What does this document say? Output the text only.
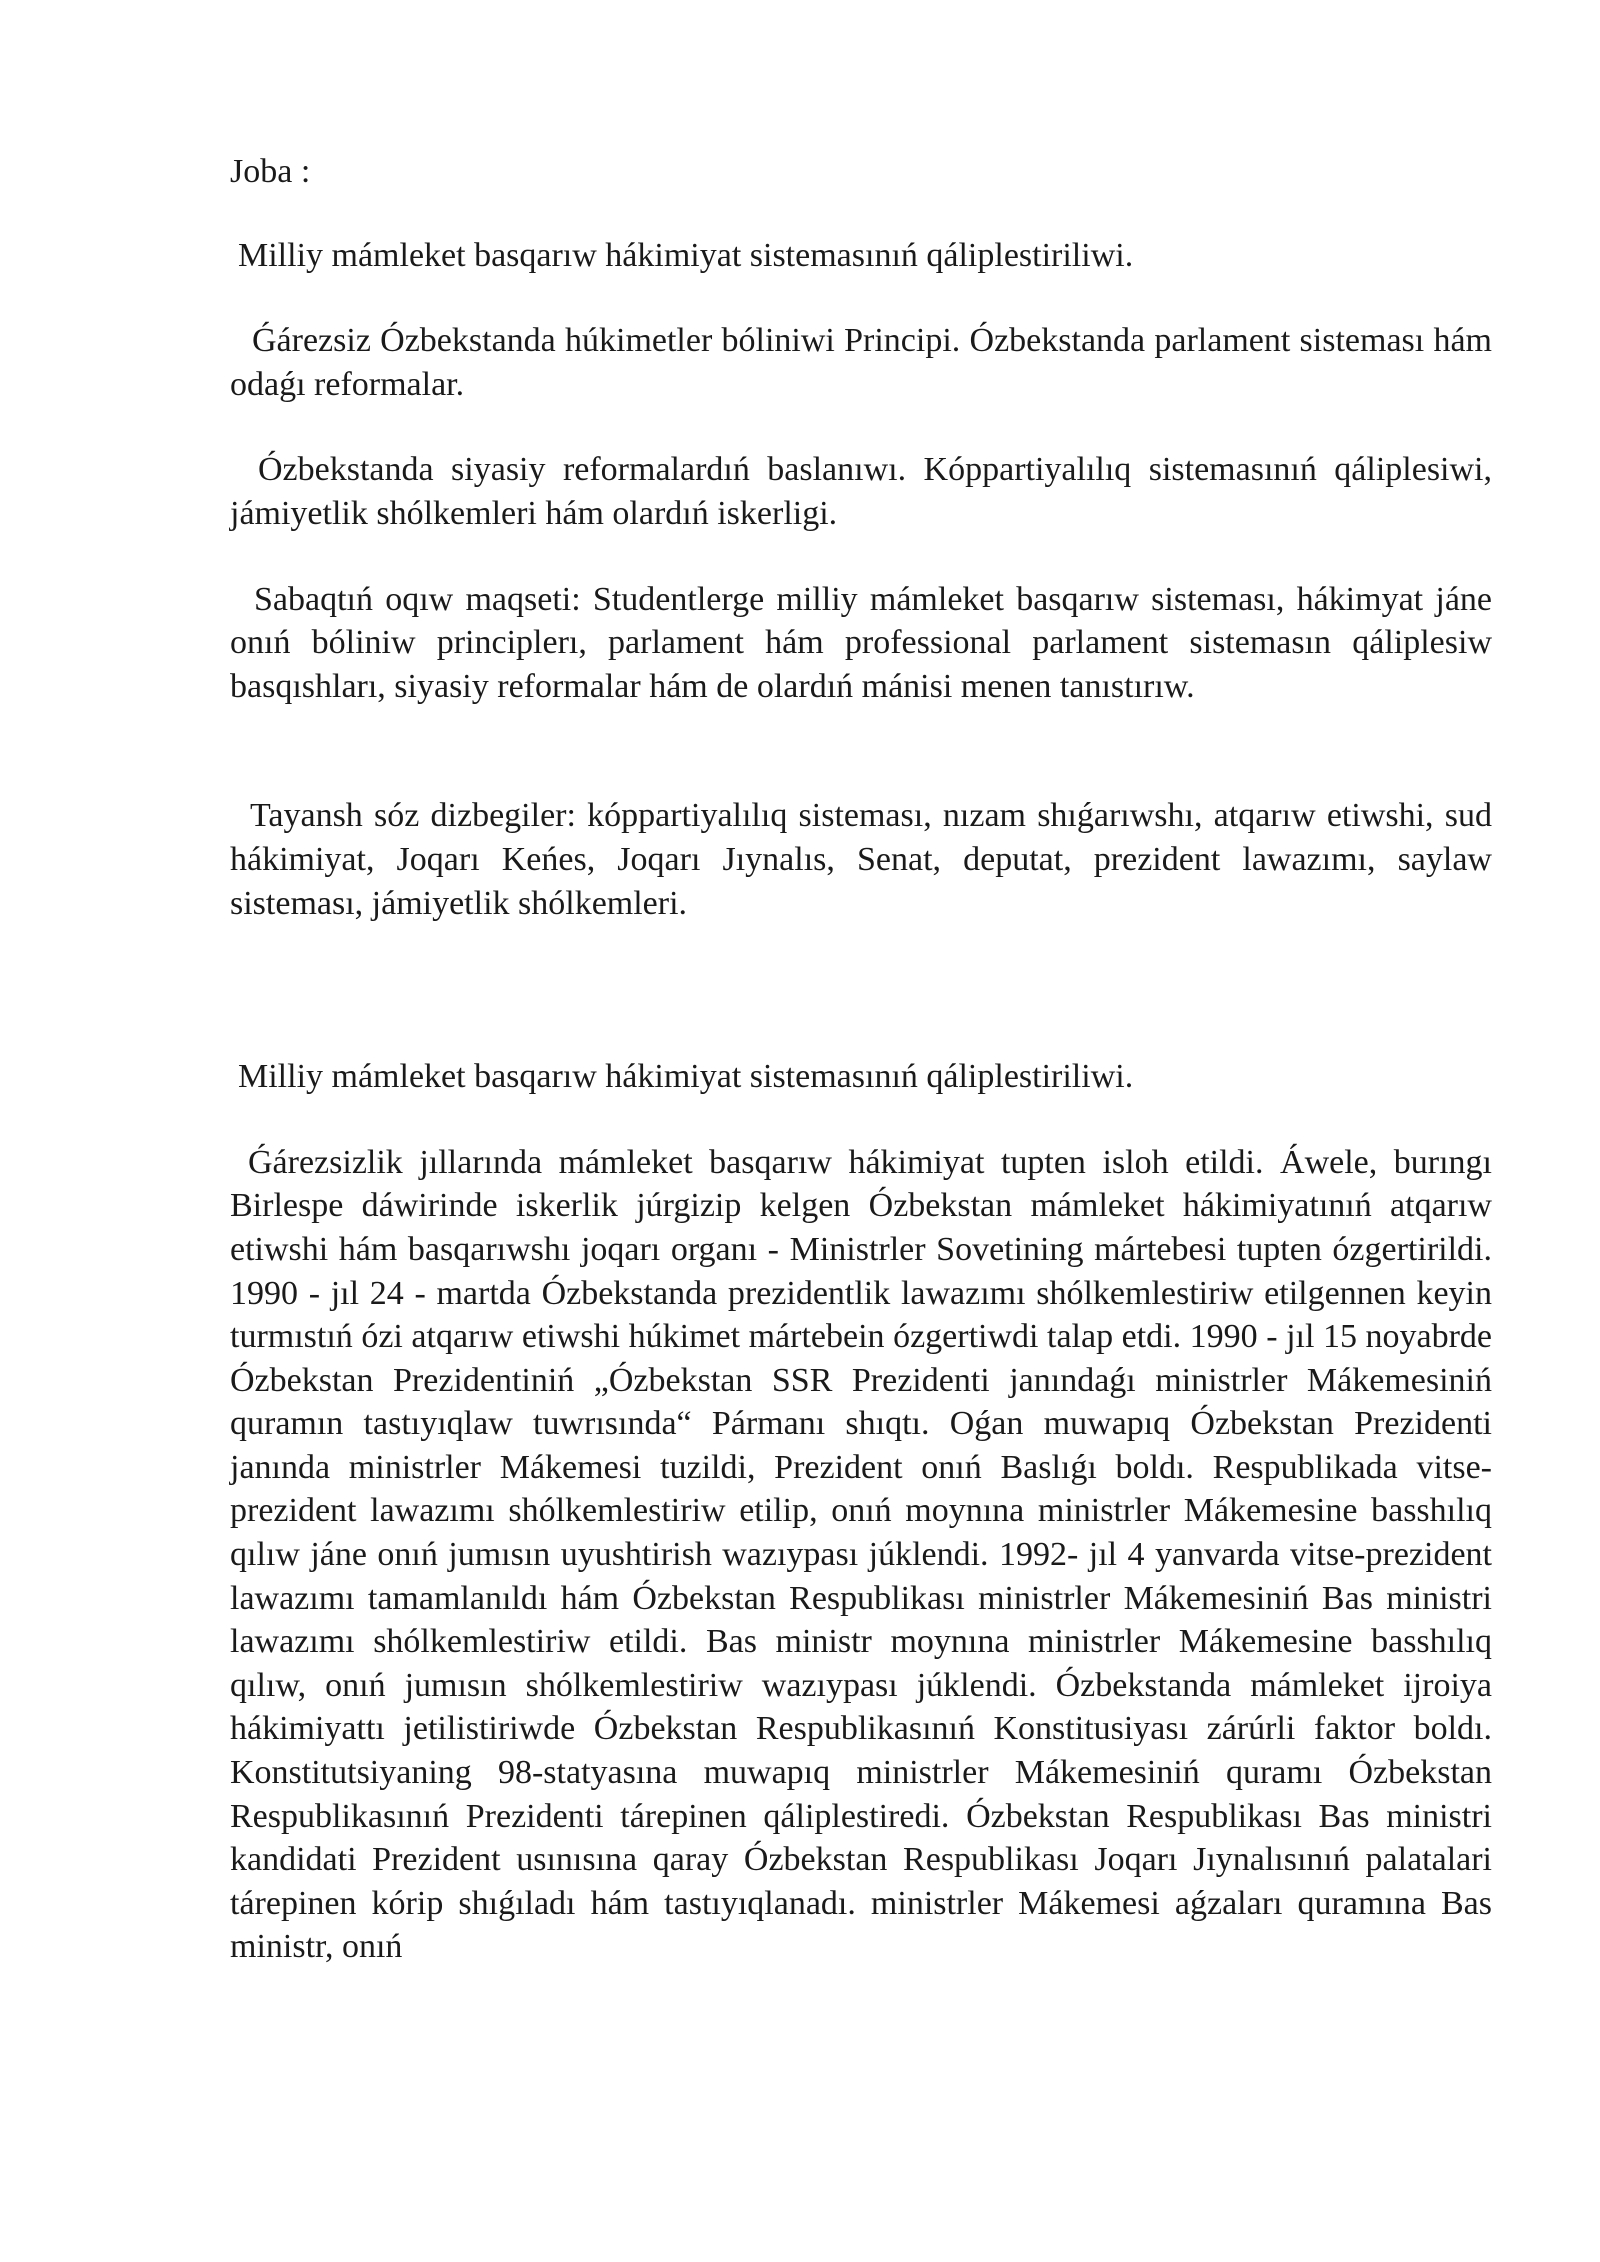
Joba :

Milliy mámleket basqarıw hákimiyat sistemasınıń qáliplestiriliwi.

Ǵárezsiz Ózbekstanda húkimetler bóliniwi Principi. Ózbekstanda parlament sisteması hám odaǵı reformalar.

Ózbekstanda siyasiy reformalardıń baslanıwı. Kóppartiyalılıq sistemasınıń qáliplesiwi, jámiyetlik shólkemleri hám olardıń iskerligi.

Sabaqtıń oqıw maqseti: Studentlerge milliy mámleket basqarıw sisteması, hákimyat jáne onıń bóliniw principlerı, parlament hám professional parlament sistemasın qáliplesiw basqıshları, siyasiy reformalar hám de olardıń mánisi menen tanıstırıw.

Tayansh sóz dizbegiler: kóppartiyalılıq sisteması, nızam shıǵarıwshı, atqarıw etiwshi, sud hákimiyat, Joqarı Keńes, Joqarı Jıynalıs, Senat, deputat, prezident lawazımı, saylaw sisteması, jámiyetlik shólkemleri.

Milliy mámleket basqarıw hákimiyat sistemasınıń qáliplestiriliwi.

Ǵárezsizlik jıllarında mámleket basqarıw hákimiyat tupten isloh etildi. Áwele, burıngı Birlespe dáwirinde iskerlik júrgizip kelgen Ózbekstan mámleket hákimiyatınıń atqarıw etiwshi hám basqarıwshı joqarı organı - Ministrler Sovetining mártebesi tupten ózgertirildi. 1990 - jıl 24 - martda Ózbekstanda prezidentlik lawazımı shólkemlestiriw etilgennen keyin turmıstıń ózi atqarıw etiwshi húkimet mártebein ózgertiwdi talap etdi. 1990 - jıl 15 noyabrde Ózbekstan Prezidentiniń „Ózbekstan SSR Prezidenti janındaǵı ministrler Mákemesiniń quramın tastıyıqlaw tuwrısında“ Pármanı shıqtı. Oǵan muwapıq Ózbekstan Prezidenti janında ministrler Mákemesi tuzildi, Prezident onıń Baslıǵı boldı. Respublikada vitse-prezident lawazımı shólkemlestiriw etilip, onıń moynına ministrler Mákemesine basshılıq qılıw jáne onıń jumısın uyushtirish wazıypası júklendi. 1992- jıl 4 yanvarda vitse-prezident lawazımı tamamlanıldı hám Ózbekstan Respublikası ministrler Mákemesiniń Bas ministri lawazımı shólkemlestiriw etildi. Bas ministr moynına ministrler Mákemesine basshılıq qılıw, onıń jumısın shólkemlestiriw wazıypası júklendi. Ózbekstanda mámleket ijroiya hákimiyattı jetilistiriwde Ózbekstan Respublikasınıń Konstitusiyası zárúrli faktor boldı. Konstitutsiyaning 98-statyasına muwapıq ministrler Mákemesiniń quramı Ózbekstan Respublikasınıń Prezidenti tárepinen qáliplestiredi. Ózbekstan Respublikası Bas ministri kandidati Prezident usınısına qaray Ózbekstan Respublikası Joqarı Jıynalısınıń palatalari tárepinen kórip shıǵıladı hám tastıyıqlanadı. ministrler Mákemesi aǵzaları quramına Bas ministr, onıń
